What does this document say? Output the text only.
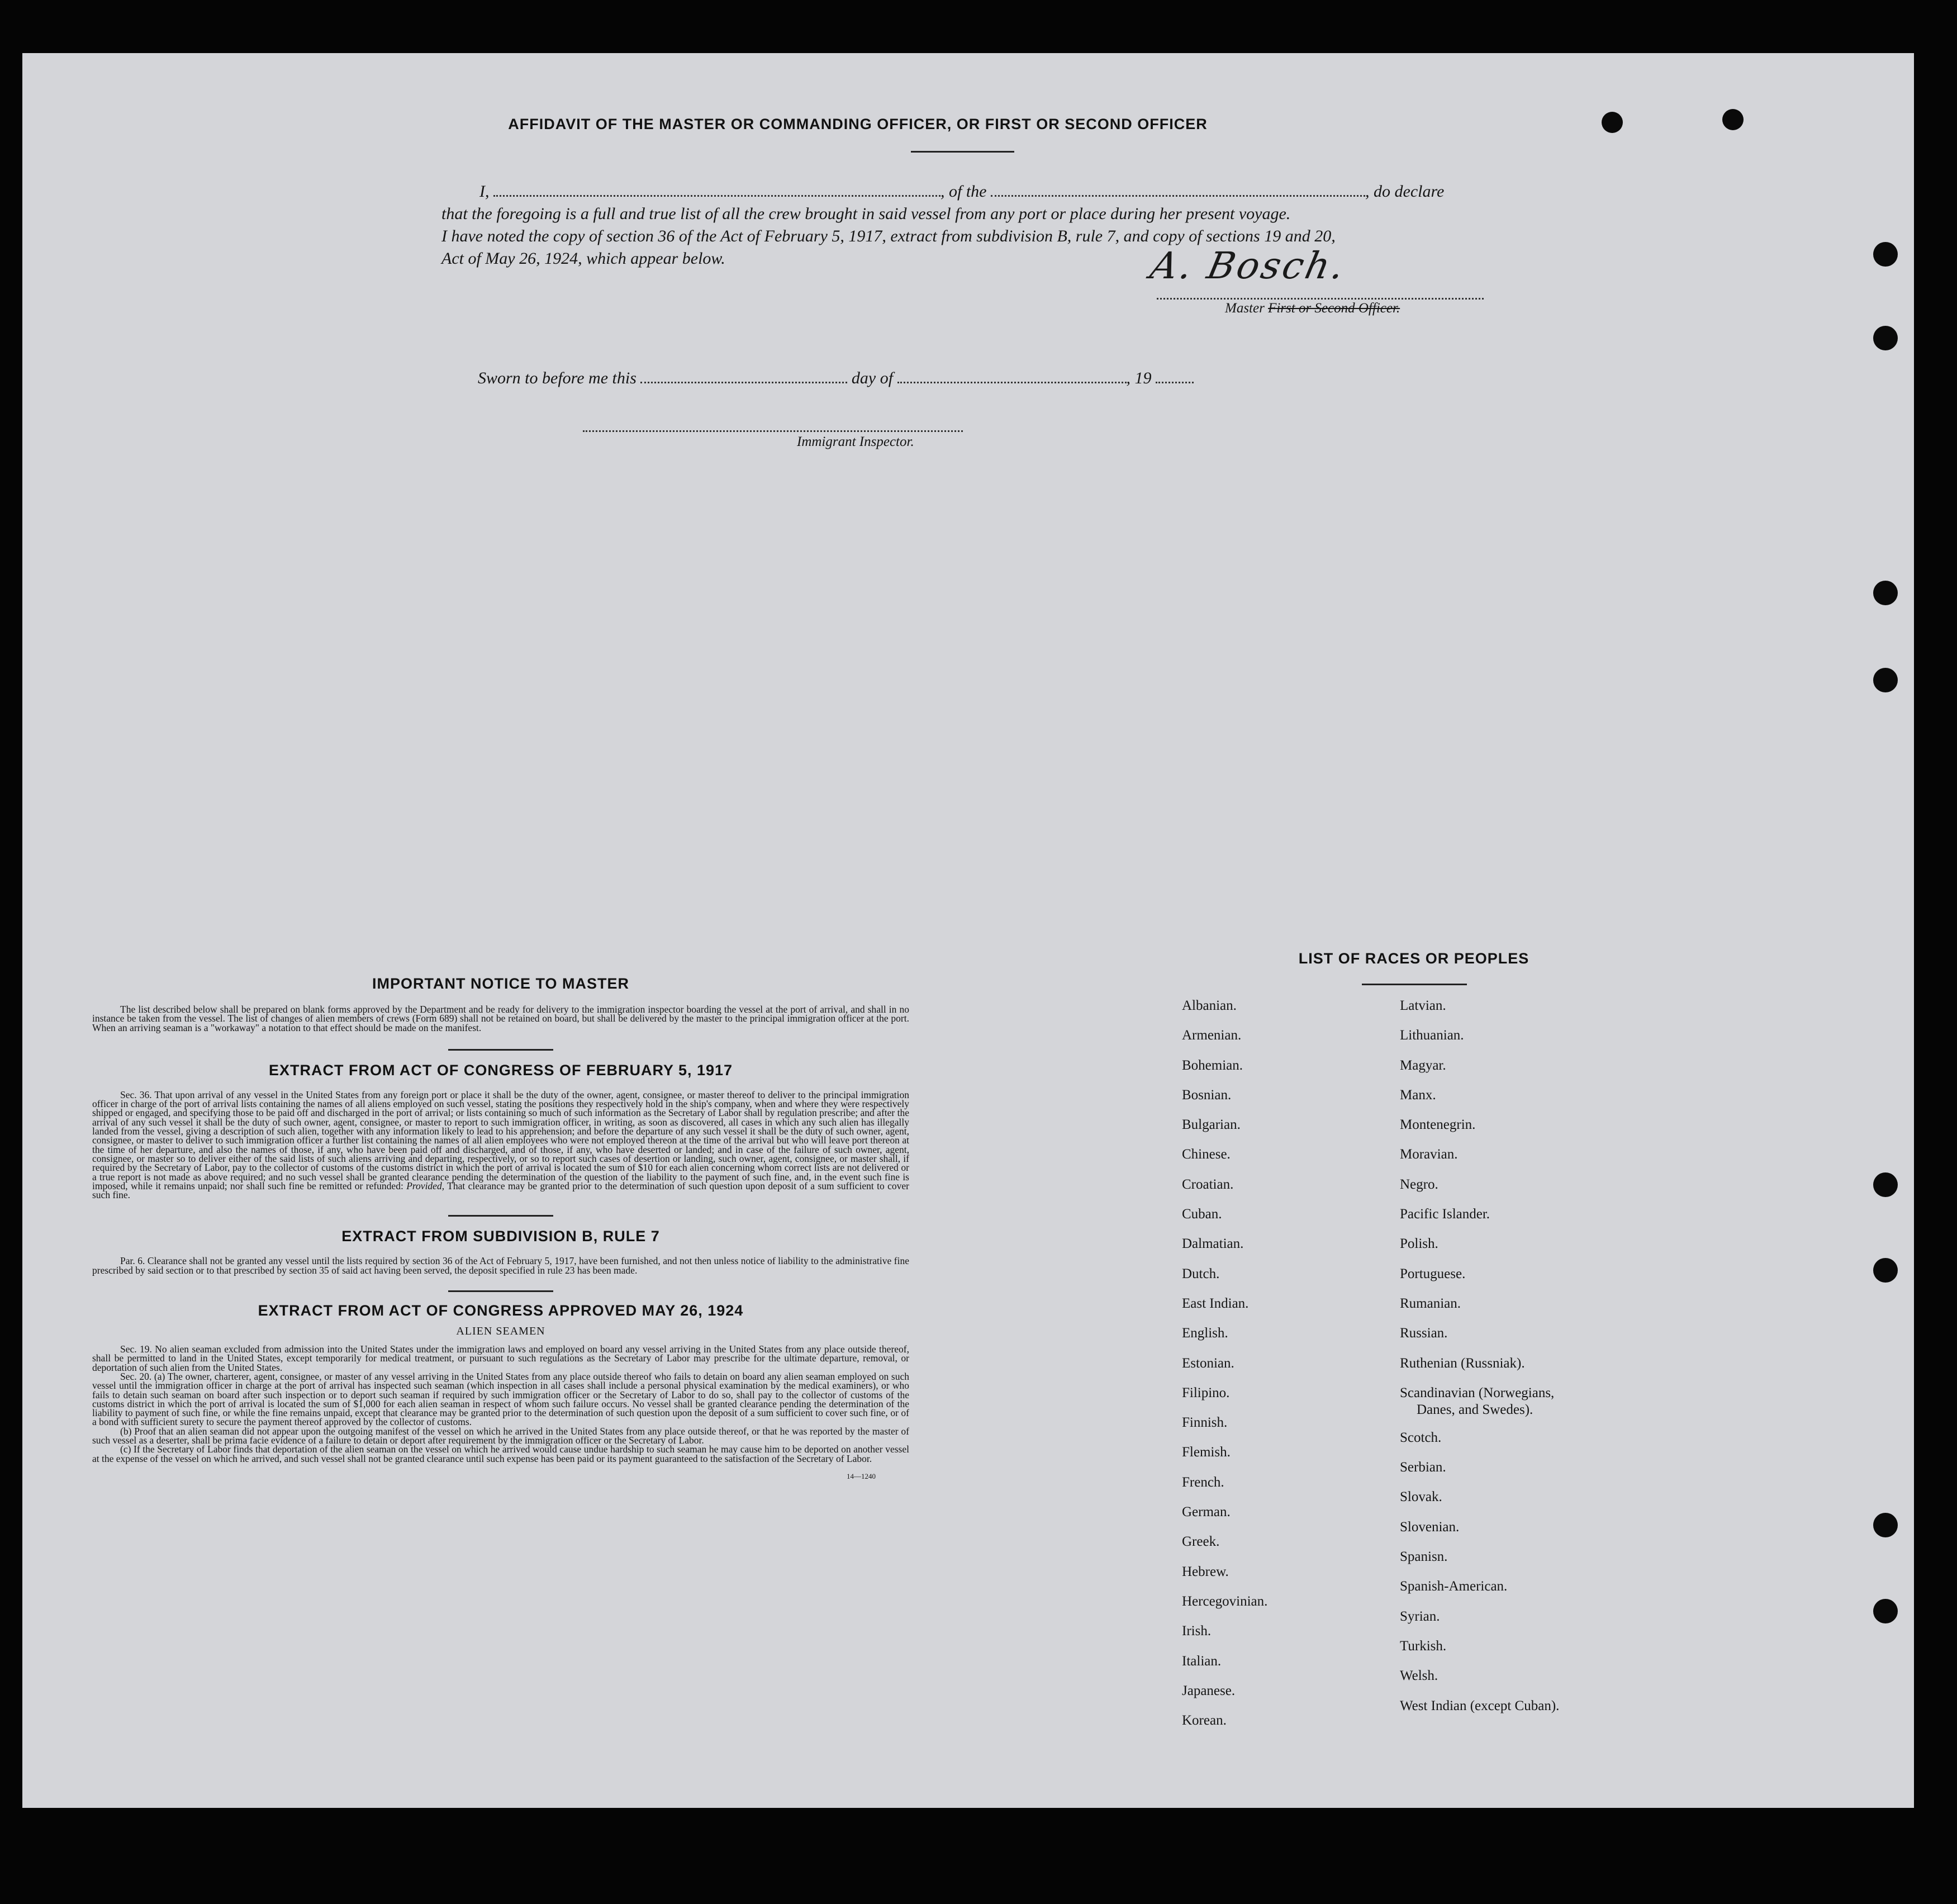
AFFIDAVIT OF THE MASTER OR COMMANDING OFFICER, OR FIRST OR SECOND OFFICER
I,	, of the	, do declare
that the foregoing is a full and true list of all the crew brought in said vessel from any port or place during her present voyage.
I have noted the copy of section 36 of the Act of February 5, 1917, extract from subdivision B, rule 7, and copy of sections 19 and 20,
Act of May 26, 1924, which appear below.	A. Bosch.
Master First or Second Officer.
Sworn to before me this	day of	, 19
Immigrant Inspector.
IMPORTANT NOTICE TO MASTER

The list described below shall be prepared on blank forms approved by the Department and be ready for delivery to the immigration inspector boarding the vessel at the port of arrival, and shall in no instance be taken from the vessel. The list of changes of alien members of crews (Form 689) shall not be retained on board, but shall be delivered by the master to the principal immigration officer at the port. When an arriving seaman is a "workaway" a notation to that effect should be made on the manifest.

EXTRACT FROM ACT OF CONGRESS OF FEBRUARY 5, 1917

Sec. 36. That upon arrival of any vessel in the United States from any foreign port or place it shall be the duty of the owner, agent, consignee, or master thereof to deliver to the principal immigration officer in charge of the port of arrival lists containing the names of all aliens employed on such vessel, stating the positions they respectively hold in the ship's company, when and where they were respectively shipped or engaged, and specifying those to be paid off and discharged in the port of arrival; or lists containing so much of such information as the Secretary of Labor shall by regulation prescribe; and after the arrival of any such vessel it shall be the duty of such owner, agent, consignee, or master to report to such immigration officer, in writing, as soon as discovered, all cases in which any such alien has illegally landed from the vessel, giving a description of such alien, together with any information likely to lead to his apprehension; and before the departure of any such vessel it shall be the duty of such owner, agent, consignee, or master to deliver to such immigration officer a further list containing the names of all alien employees who were not employed thereon at the time of the arrival but who will leave port thereon at the time of her departure, and also the names of those, if any, who have been paid off and discharged, and of those, if any, who have deserted or landed; and in case of the failure of such owner, agent, consignee, or master so to deliver either of the said lists of such aliens arriving and departing, respectively, or so to report such cases of desertion or landing, such owner, agent, consignee, or master shall, if required by the Secretary of Labor, pay to the collector of customs of the customs district in which the port of arrival is located the sum of $10 for each alien concerning whom correct lists are not delivered or a true report is not made as above required; and no such vessel shall be granted clearance pending the determination of the question of the liability to the payment of such fine, and, in the event such fine is imposed, while it remains unpaid; nor shall such fine be remitted or refunded: Provided, That clearance may be granted prior to the determination of such question upon deposit of a sum sufficient to cover such fine.

EXTRACT FROM SUBDIVISION B, RULE 7

Par. 6. Clearance shall not be granted any vessel until the lists required by section 36 of the Act of February 5, 1917, have been furnished, and not then unless notice of liability to the administrative fine prescribed by said section or to that prescribed by section 35 of said act having been served, the deposit specified in rule 23 has been made.

EXTRACT FROM ACT OF CONGRESS APPROVED MAY 26, 1924
ALIEN SEAMEN

Sec. 19. No alien seaman excluded from admission into the United States under the immigration laws and employed on board any vessel arriving in the United States from any place outside thereof, shall be permitted to land in the United States, except temporarily for medical treatment, or pursuant to such regulations as the Secretary of Labor may prescribe for the ultimate departure, removal, or deportation of such alien from the United States.

Sec. 20. (a) The owner, charterer, agent, consignee, or master of any vessel arriving in the United States from any place outside thereof who fails to detain on board any alien seaman employed on such vessel until the immigration officer in charge at the port of arrival has inspected such seaman (which inspection in all cases shall include a personal physical examination by the medical examiners), or who fails to detain such seaman on board after such inspection or to deport such seaman if required by such immigration officer or the Secretary of Labor to do so, shall pay to the collector of customs of the customs district in which the port of arrival is located the sum of $1,000 for each alien seaman in respect of whom such failure occurs. No vessel shall be granted clearance pending the determination of the liability to payment of such fine, or while the fine remains unpaid, except that clearance may be granted prior to the determination of such question upon the deposit of a sum sufficient to cover such fine, or of a bond with sufficient surety to secure the payment thereof approved by the collector of customs.

(b) Proof that an alien seaman did not appear upon the outgoing manifest of the vessel on which he arrived in the United States from any place outside thereof, or that he was reported by the master of such vessel as a deserter, shall be prima facie evidence of a failure to detain or deport after requirement by the immigration officer or the Secretary of Labor.

(c) If the Secretary of Labor finds that deportation of the alien seaman on the vessel on which he arrived would cause undue hardship to such seaman he may cause him to be deported on another vessel at the expense of the vessel on which he arrived, and such vessel shall not be granted clearance until such expense has been paid or its payment guaranteed to the satisfaction of the Secretary of Labor.

14—1240
LIST OF RACES OR PEOPLES
Albanian.
Armenian.
Bohemian.
Bosnian.
Bulgarian.
Chinese.
Croatian.
Cuban.
Dalmatian.
Dutch.
East Indian.
English.
Estonian.
Filipino.
Finnish.
Flemish.
French.
German.
Greek.
Hebrew.
Hercegovinian.
Irish.
Italian.
Japanese.
Korean.
Latvian.
Lithuanian.
Magyar.
Manx.
Montenegrin.
Moravian.
Negro.
Pacific Islander.
Polish.
Portuguese.
Rumanian.
Russian.
Ruthenian (Russniak).
Scandinavian (Norwegians,
Danes, and Swedes).
Scotch.
Serbian.
Slovak.
Slovenian.
Spanisn.
Spanish-American.
Syrian.
Turkish.
Welsh.
West Indian (except Cuban).
